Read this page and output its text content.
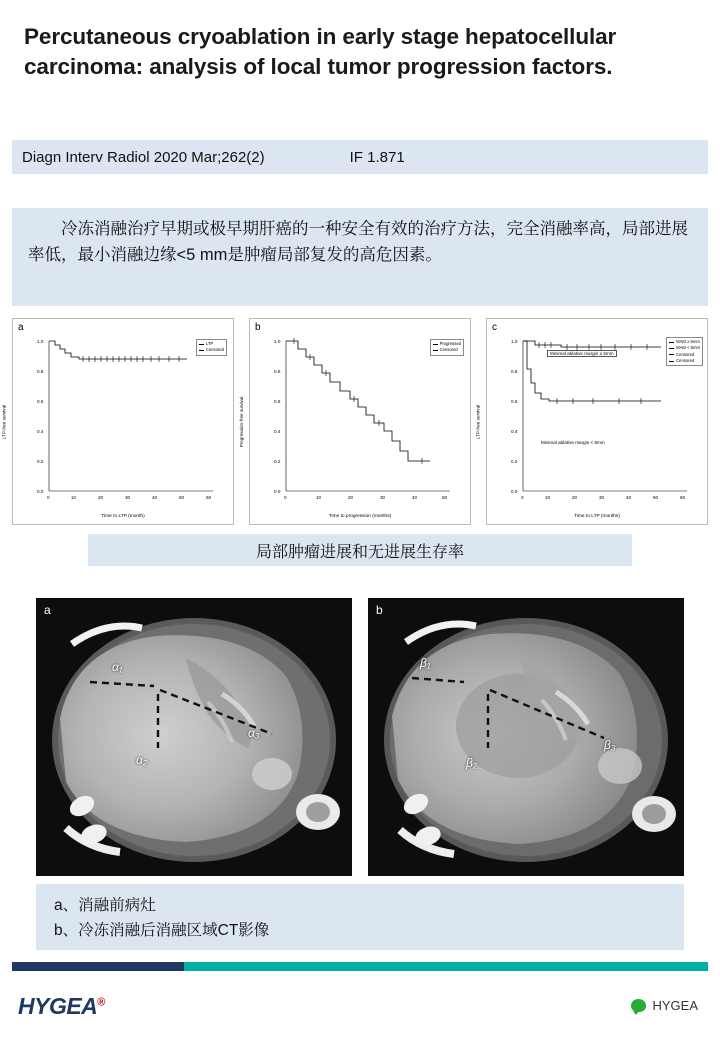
Percutaneous cryoablation in early stage hepatocellular carcinoma: analysis of local tumor progression factors.
Diagn Interv Radiol 2020 Mar;262(2)	IF 1.871

冷冻消融治疗早期或极早期肝癌的一种安全有效的治疗方法，完全消融率高，局部进展率低，最小消融边缘<5 mm是肿瘤局部复发的高危因素。

a
LTP-free survival
1.0
0.8
0.6
0.4
0.2
0.0
0	10	20	30	40	50	60
LTP
Censored
Time to LTP (month)
b
Progression-free survival
1.0
0.8
0.6
0.4
0.2
0.0
0	10	20	30	40	50
Progressed
Censored
Time to progression (months)
c
LTP-free survival
1.0
0.8
0.6
0.4
0.2
0.0
0	10	20	30	40	50	60
MAM ≥ 5mm
MAM < 5mm
Censored
Censored
Minimal ablative margin ≥ 5mm
Minimal ablative margin < 5mm
Time to LTP (months)
局部肿瘤进展和无进展生存率
a
α₁
α₂
α₃
b
β₁
β₂
β₃
a、消融前病灶
b、冷冻消融后消融区域CT影像
HYGEA®	HYGEA
